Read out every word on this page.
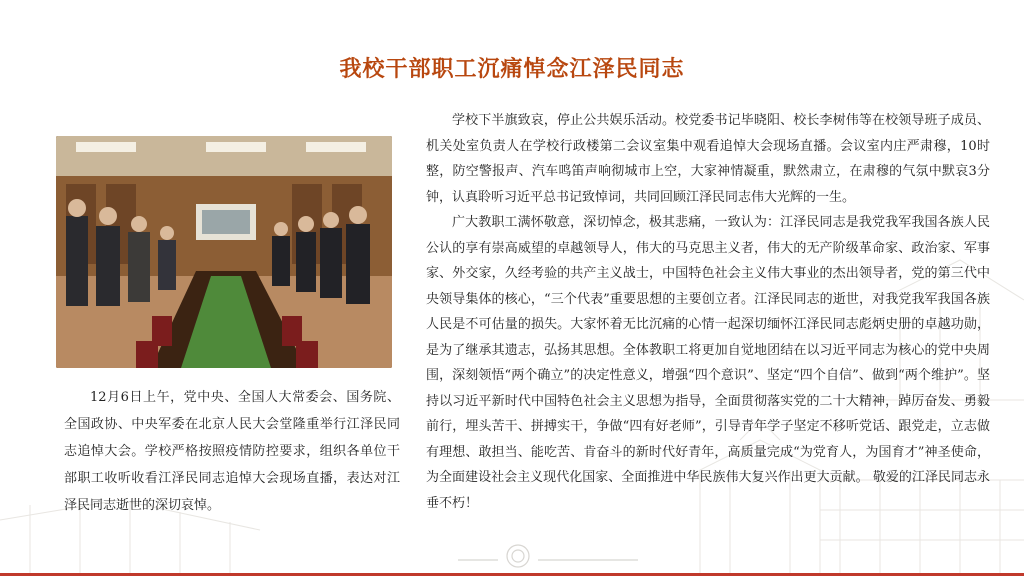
我校干部职工沉痛悼念江泽民同志
12月6日上午，党中央、全国人大常委会、国务院、全国政协、中央军委在北京人民大会堂隆重举行江泽民同志追悼大会。学校严格按照疫情防控要求，组织各单位干部职工收听收看江泽民同志追悼大会现场直播，表达对江泽民同志逝世的深切哀悼。

学校下半旗致哀，停止公共娱乐活动。校党委书记毕晓阳、校长李树伟等在校领导班子成员、机关处室负责人在学校行政楼第二会议室集中观看追悼大会现场直播。会议室内庄严肃穆，10时整，防空警报声、汽车鸣笛声响彻城市上空，大家神情凝重，默然肃立，在肃穆的气氛中默哀3分钟，认真聆听习近平总书记致悼词，共同回顾江泽民同志伟大光辉的一生。

广大教职工满怀敬意，深切悼念，极其悲痛，一致认为：江泽民同志是我党我军我国各族人民公认的享有崇高威望的卓越领导人，伟大的马克思主义者，伟大的无产阶级革命家、政治家、军事家、外交家，久经考验的共产主义战士，中国特色社会主义伟大事业的杰出领导者，党的第三代中央领导集体的核心，“三个代表”重要思想的主要创立者。江泽民同志的逝世，对我党我军我国各族人民是不可估量的损失。大家怀着无比沉痛的心情一起深切缅怀江泽民同志彪炳史册的卓越功勋，是为了继承其遗志，弘扬其思想。全体教职工将更加自觉地团结在以习近平同志为核心的党中央周围，深刻领悟“两个确立”的决定性意义，增强“四个意识”、坚定“四个自信”、做到“两个维护”。坚持以习近平新时代中国特色社会主义思想为指导，全面贯彻落实党的二十大精神，踔厉奋发、勇毅前行，埋头苦干、拼搏实干，争做“四有好老师”，引导青年学子坚定不移听党话、跟党走，立志做有理想、敢担当、能吃苦、肯奋斗的新时代好青年，高质量完成“为党育人，为国育才”神圣使命，为全面建设社会主义现代化国家、全面推进中华民族伟大复兴作出更大贡献。 敬爱的江泽民同志永垂不朽！
